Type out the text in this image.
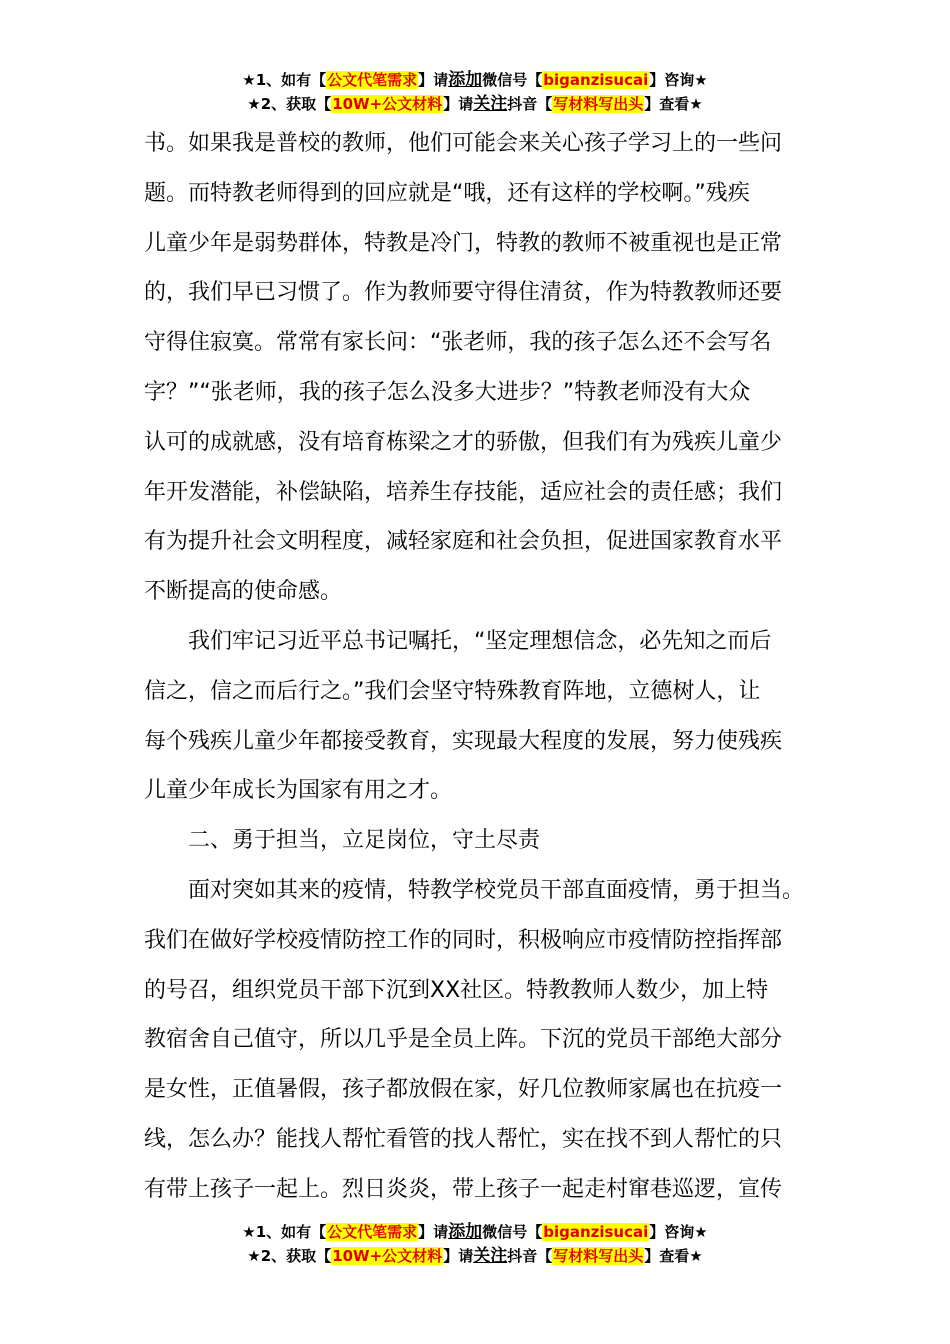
★1、如有【公文代笔需求】请添加微信号【biganzisucai】咨询★
★2、获取【10W+公文材料】请关注抖音【写材料写出头】查看★

书。如果我是普校的教师，他们可能会来关心孩子学习上的一些问
题。而特教老师得到的回应就是“哦，还有这样的学校啊。”残疾
儿童少年是弱势群体，特教是冷门，特教的教师不被重视也是正常
的，我们早已习惯了。作为教师要守得住清贫，作为特教教师还要
守得住寂寞。常常有家长问：“张老师，我的孩子怎么还不会写名
字？”“张老师，我的孩子怎么没多大进步？”特教老师没有大众
认可的成就感，没有培育栋梁之才的骄傲，但我们有为残疾儿童少
年开发潜能，补偿缺陷，培养生存技能，适应社会的责任感；我们
有为提升社会文明程度，减轻家庭和社会负担，促进国家教育水平
不断提高的使命感。

我们牢记习近平总书记嘱托，“坚定理想信念，必先知之而后
信之，信之而后行之。”我们会坚守特殊教育阵地，立德树人，让
每个残疾儿童少年都接受教育，实现最大程度的发展，努力使残疾
儿童少年成长为国家有用之才。

二、勇于担当，立足岗位，守土尽责

面对突如其来的疫情，特教学校党员干部直面疫情，勇于担当。
我们在做好学校疫情防控工作的同时，积极响应市疫情防控指挥部
的号召，组织党员干部下沉到XX社区。特教教师人数少，加上特
教宿舍自己值守，所以几乎是全员上阵。下沉的党员干部绝大部分
是女性，正值暑假，孩子都放假在家，好几位教师家属也在抗疫一
线，怎么办？能找人帮忙看管的找人帮忙，实在找不到人帮忙的只
有带上孩子一起上。烈日炎炎，带上孩子一起走村窜巷巡逻，宣传

★1、如有【公文代笔需求】请添加微信号【biganzisucai】咨询★
★2、获取【10W+公文材料】请关注抖音【写材料写出头】查看★
